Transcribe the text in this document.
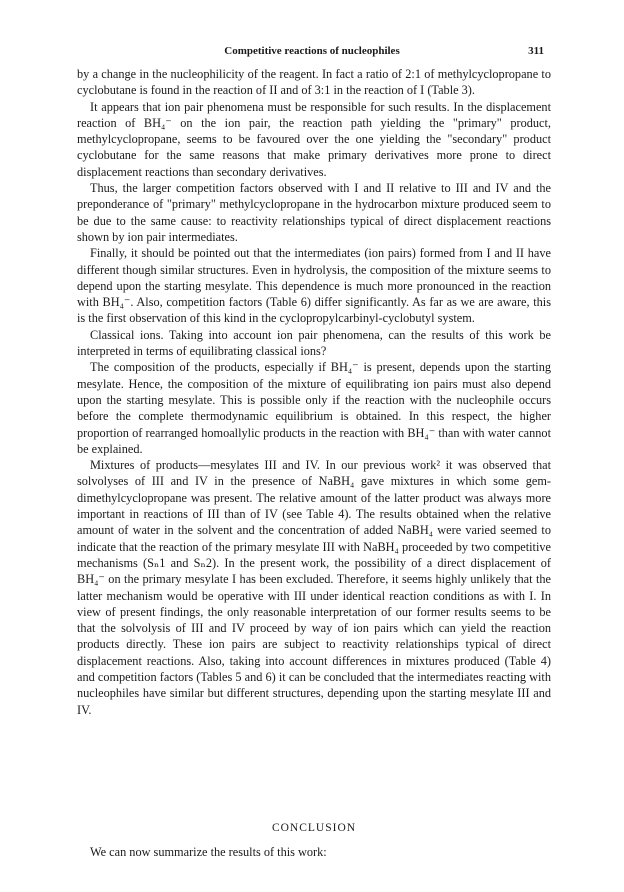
Competitive reactions of nucleophiles	311

by a change in the nucleophilicity of the reagent. In fact a ratio of 2:1 of methylcyclopropane to cyclobutane is found in the reaction of II and of 3:1 in the reaction of I (Table 3).

It appears that ion pair phenomena must be responsible for such results. In the displacement reaction of BH₄⁻ on the ion pair, the reaction path yielding the "primary" product, methylcyclopropane, seems to be favoured over the one yielding the "secondary" product cyclobutane for the same reasons that make primary derivatives more prone to direct displacement reactions than secondary derivatives.

Thus, the larger competition factors observed with I and II relative to III and IV and the preponderance of "primary" methylcyclopropane in the hydrocarbon mixture produced seem to be due to the same cause: to reactivity relationships typical of direct displacement reactions shown by ion pair intermediates.

Finally, it should be pointed out that the intermediates (ion pairs) formed from I and II have different though similar structures. Even in hydrolysis, the composition of the mixture seems to depend upon the starting mesylate. This dependence is much more pronounced in the reaction with BH₄⁻. Also, competition factors (Table 6) differ significantly. As far as we are aware, this is the first observation of this kind in the cyclopropylcarbinyl-cyclobutyl system.

Classical ions. Taking into account ion pair phenomena, can the results of this work be interpreted in terms of equilibrating classical ions?

The composition of the products, especially if BH₄⁻ is present, depends upon the starting mesylate. Hence, the composition of the mixture of equilibrating ion pairs must also depend upon the starting mesylate. This is possible only if the reaction with the nucleophile occurs before the complete thermodynamic equilibrium is obtained. In this respect, the higher proportion of rearranged homoallylic products in the reaction with BH₄⁻ than with water cannot be explained.

Mixtures of products—mesylates III and IV. In our previous work² it was observed that solvolyses of III and IV in the presence of NaBH₄ gave mixtures in which some gem-dimethylcyclopropane was present. The relative amount of the latter product was always more important in reactions of III than of IV (see Table 4). The results obtained when the relative amount of water in the solvent and the concentration of added NaBH₄ were varied seemed to indicate that the reaction of the primary mesylate III with NaBH₄ proceeded by two competitive mechanisms (Sₙ1 and Sₙ2). In the present work, the possibility of a direct displacement of BH₄⁻ on the primary mesylate I has been excluded. Therefore, it seems highly unlikely that the latter mechanism would be operative with III under identical reaction conditions as with I. In view of present findings, the only reasonable interpretation of our former results seems to be that the solvolysis of III and IV proceed by way of ion pairs which can yield the reaction products directly. These ion pairs are subject to reactivity relationships typical of direct displacement reactions. Also, taking into account differences in mixtures produced (Table 4) and competition factors (Tables 5 and 6) it can be concluded that the intermediates reacting with nucleophiles have similar but different structures, depending upon the starting mesylate III and IV.

CONCLUSION
We can now summarize the results of this work:
